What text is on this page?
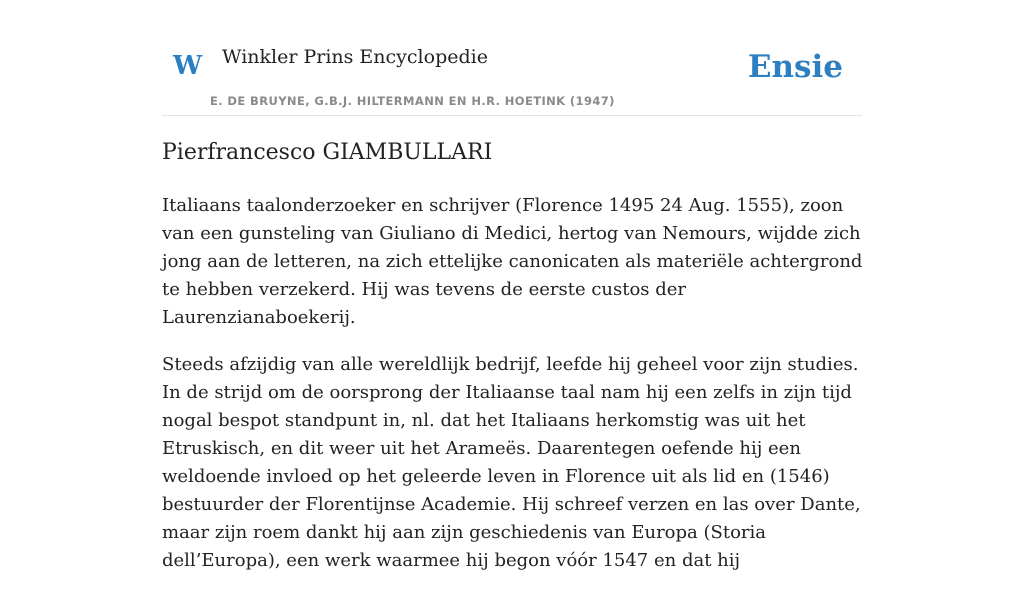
W Winkler Prins Encyclopedie
E. DE BRUYNE, G.B.J. HILTERMANN EN H.R. HOETINK (1947)
Ensie
Pierfrancesco GIAMBULLARI

Italiaans taalonderzoeker en schrijver (Florence 1495 24 Aug. 1555), zoon van een gunsteling van Giuliano di Medici, hertog van Nemours, wijdde zich jong aan de letteren, na zich ettelijke canonicaten als materiële achtergrond te hebben verzekerd. Hij was tevens de eerste custos der Laurenzianaboekerij.

Steeds afzijdig van alle wereldlijk bedrijf, leefde hij geheel voor zijn studies. In de strijd om de oorsprong der Italiaanse taal nam hij een zelfs in zijn tijd nogal bespot standpunt in, nl. dat het Italiaans herkomstig was uit het Etruskisch, en dit weer uit het Arameës. Daarentegen oefende hij een weldoende invloed op het geleerde leven in Florence uit als lid en (1546) bestuurder der Florentijnse Academie. Hij schreef verzen en las over Dante, maar zijn roem dankt hij aan zijn geschiedenis van Europa (Storia dell’Europa), een werk waarmee hij begon vóór 1547 en dat hij
